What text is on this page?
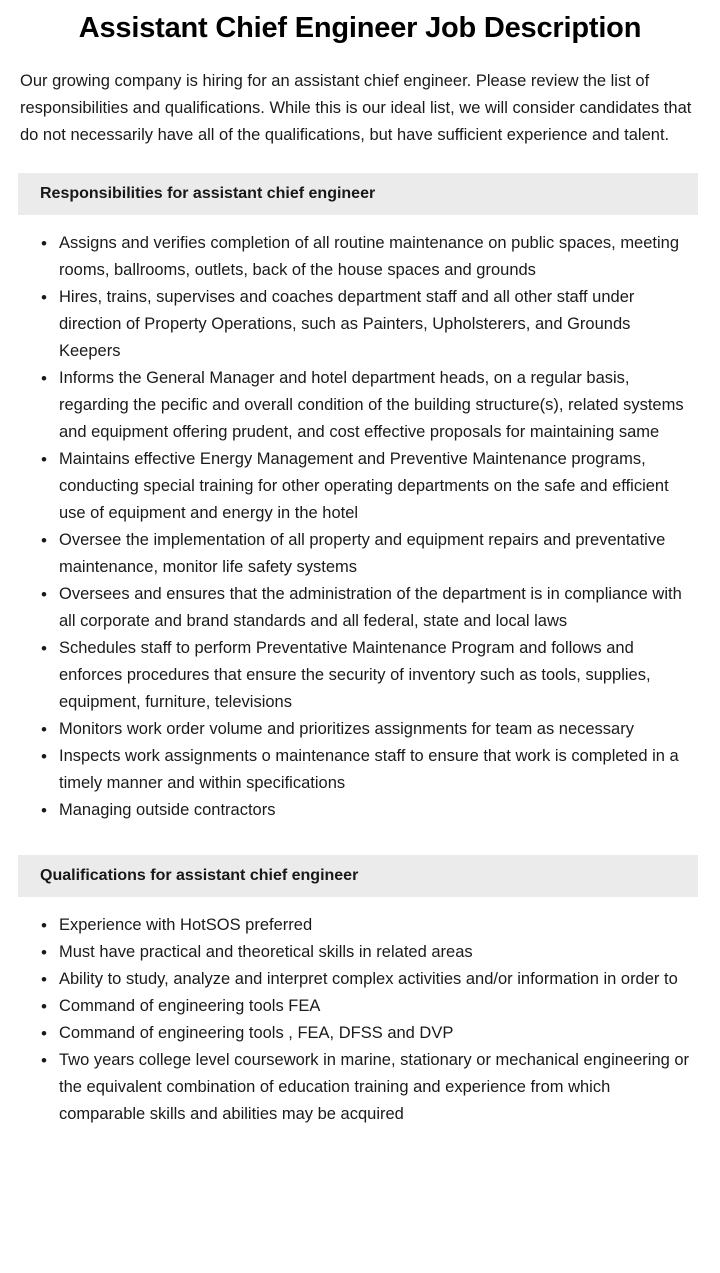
Assistant Chief Engineer Job Description

Our growing company is hiring for an assistant chief engineer. Please review the list of responsibilities and qualifications. While this is our ideal list, we will consider candidates that do not necessarily have all of the qualifications, but have sufficient experience and talent.

Responsibilities for assistant chief engineer
• Assigns and verifies completion of all routine maintenance on public spaces, meeting rooms, ballrooms, outlets, back of the house spaces and grounds
• Hires, trains, supervises and coaches department staff and all other staff under direction of Property Operations, such as Painters, Upholsterers, and Grounds Keepers
• Informs the General Manager and hotel department heads, on a regular basis, regarding the pecific and overall condition of the building structure(s), related systems and equipment offering prudent, and cost effective proposals for maintaining same
• Maintains effective Energy Management and Preventive Maintenance programs, conducting special training for other operating departments on the safe and efficient use of equipment and energy in the hotel
• Oversee the implementation of all property and equipment repairs and preventative maintenance, monitor life safety systems
• Oversees and ensures that the administration of the department is in compliance with all corporate and brand standards and all federal, state and local laws
• Schedules staff to perform Preventative Maintenance Program and follows and enforces procedures that ensure the security of inventory such as tools, supplies, equipment, furniture, televisions
• Monitors work order volume and prioritizes assignments for team as necessary
• Inspects work assignments o maintenance staff to ensure that work is completed in a timely manner and within specifications
• Managing outside contractors
Qualifications for assistant chief engineer
• Experience with HotSOS preferred
• Must have practical and theoretical skills in related areas
• Ability to study, analyze and interpret complex activities and/or information in order to
• Command of engineering tools FEA
• Command of engineering tools , FEA, DFSS and DVP
• Two years college level coursework in marine, stationary or mechanical engineering or the equivalent combination of education training and experience from which comparable skills and abilities may be acquired
